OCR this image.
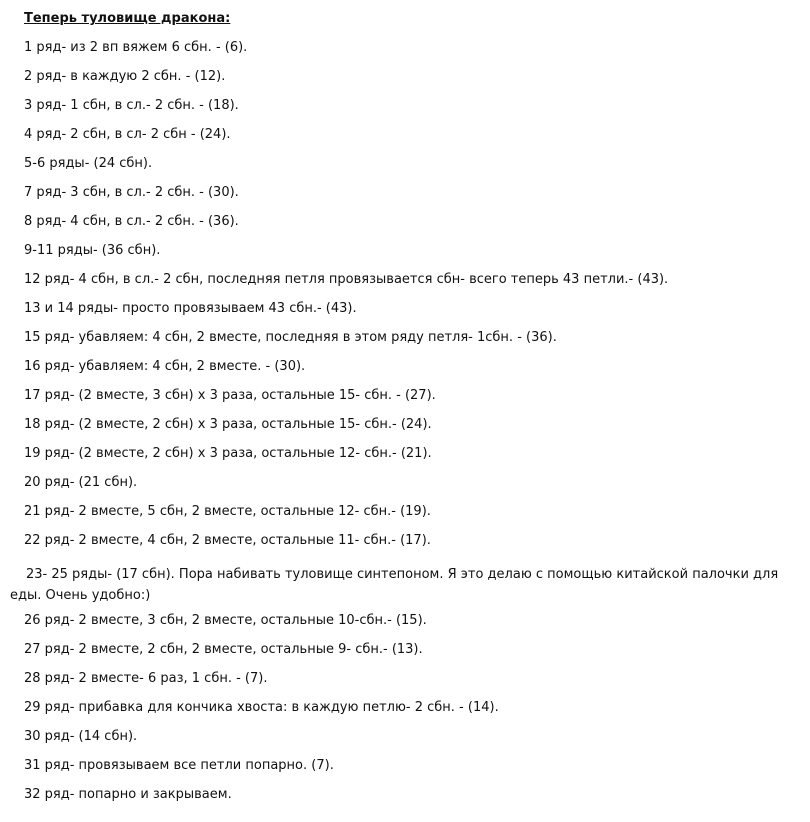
Теперь туловище дракона:
1 ряд- из 2 вп вяжем 6 сбн. - (6).
2 ряд- в каждую 2 сбн. - (12).
3 ряд- 1 сбн, в сл.- 2 сбн. - (18).
4 ряд- 2 сбн, в сл- 2 сбн - (24).
5-6 ряды- (24 сбн).
7 ряд- 3 сбн, в сл.- 2 сбн. - (30).
8 ряд- 4 сбн, в сл.- 2 сбн. - (36).
9-11 ряды- (36 сбн).
12 ряд- 4 сбн, в сл.- 2 сбн, последняя петля провязывается сбн- всего теперь 43 петли.- (43).
13 и 14 ряды- просто провязываем 43 сбн.- (43).
15 ряд- убавляем: 4 сбн, 2 вместе, последняя в этом ряду петля- 1сбн. - (36).
16 ряд- убавляем: 4 сбн, 2 вместе. - (30).
17 ряд- (2 вместе, 3 сбн) х 3 раза, остальные 15- сбн. - (27).
18 ряд- (2 вместе, 2 сбн) х 3 раза, остальные 15- сбн.- (24).
19 ряд- (2 вместе, 2 сбн) х 3 раза, остальные 12- сбн.- (21).
20 ряд- (21 сбн).
21 ряд- 2 вместе, 5 сбн, 2 вместе, остальные 12- сбн.- (19).
22 ряд- 2 вместе, 4 сбн, 2 вместе, остальные 11- сбн.- (17).
23- 25 ряды- (17 сбн). Пора набивать туловище синтепоном. Я это делаю с помощью китайской палочки для
еды. Очень удобно:)
26 ряд- 2 вместе, 3 сбн, 2 вместе, остальные 10-сбн.- (15).
27 ряд- 2 вместе, 2 сбн, 2 вместе, остальные 9- сбн.- (13).
28 ряд- 2 вместе- 6 раз, 1 сбн. - (7).
29 ряд- прибавка для кончика хвоста: в каждую петлю- 2 сбн. - (14).
30 ряд- (14 сбн).
31 ряд- провязываем все петли попарно. (7).
32 ряд- попарно и закрываем.
